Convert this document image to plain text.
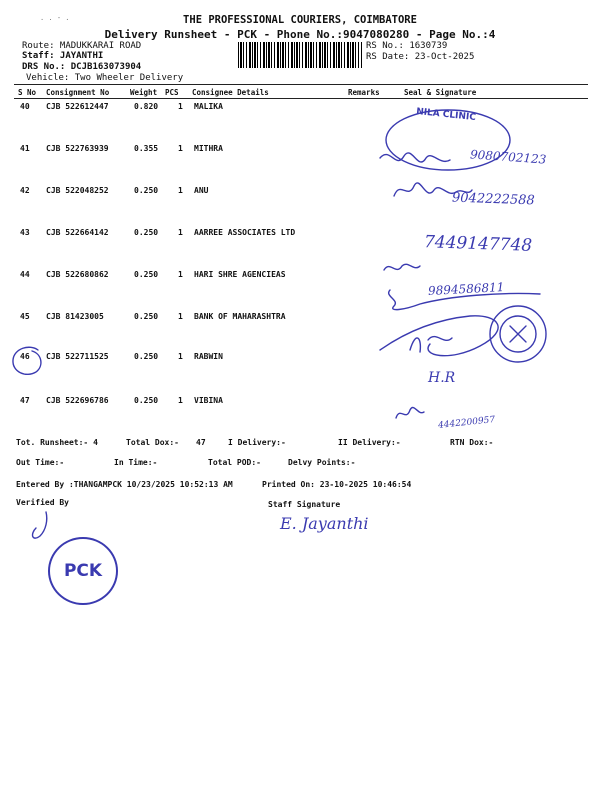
. . - .	THE PROFESSIONAL COURIERS, COIMBATORE
Delivery Runsheet - PCK - Phone No.:9047080280 - Page No.:4
Route: MADUKKARAI ROAD
Staff: JAYANTHI
DRS No.: DCJB163073904
Vehicle: Two Wheeler Delivery
RS No.: 1630739
RS Date: 23-Oct-2025
S No Consignment No	Weight PCS Consignee Details	Remarks	Seal & Signature
40 CJB 522612447	0.820 1 MALIKA
41 CJB 522763939	0.355 1 MITHRA
42 CJB 522048252	0.250 1 ANU
43 CJB 522664142	0.250 1 AARREE ASSOCIATES LTD
44 CJB 522680862	0.250 1 HARI SHRE AGENCIEAS
45 CJB 81423005	0.250 1 BANK OF MAHARASHTRA
46 CJB 522711525	0.250 1 RABWIN
47 CJB 522696786	0.250 1 VIBINA
NILA CLINIC
9080702123
9042222588
7449147748
9894586811
H.R
4442200957
Tot. Runsheet:- 4	Total Dox:- 47	I Delivery:-	II Delivery:-	RTN Dox:-
Out Time:-	In Time:-	Total POD:-	Delvy Points:-
Entered By :THANGAMPCK 10/23/2025 10:52:13 AM	Printed On: 23-10-2025 10:46:54
Verified By	Staff Signature
E. Jayanthi
PCK
